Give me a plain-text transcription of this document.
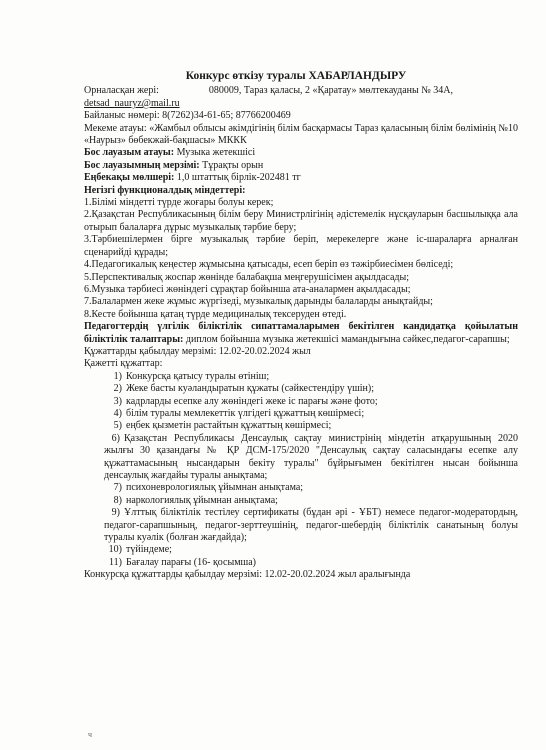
Конкурс өткізу туралы ХАБАРЛАНДЫРУ

Орналасқан жері:	080009, Тараз қаласы, 2 «Қаратау» мөлтекауданы № 34А,

detsad_nauryz@mail.ru

Байланыс нөмері: 8(7262)34-61-65; 87766200469

Мекеме атауы: «Жамбыл облысы әкімдігінің білім басқармасы Тараз қаласының білім бөлімінің №10 «Наурыз» бөбекжай-бақшасы» МККК

Бос лауазым атауы: Музыка жетекшісі

Бос лауазымның мерзімі: Тұрақты орын

Еңбекақы мөлшері: 1,0 штаттық бірлік-202481 тг

Негізгі функционалдық міндеттері:

1.Білімі міндетті түрде жоғары болуы керек;

2.Қазақстан Республикасының білім беру Министрлігінің әдістемелік нұсқауларын басшылыққа ала отырып балаларға дұрыс музыкалық тәрбие беру;

3.Тәрбиешілермен бірге музыкалық тәрбие беріп, мерекелерге және іс-шараларға арналған сценарийді құрады;

4.Педагогикалық кеңестер жұмысына қатысады, есеп беріп өз тәжірбиесімен бөліседі;

5.Перспективалық жоспар жөнінде балабақша меңгерушісімен ақылдасады;

6.Музыка тәрбиесі жөніндегі сұрақтар бойынша ата-аналармен ақылдасады;

7.Балалармен жеке жұмыс жүргізеді, музыкалық дарынды балаларды анықтайды;

8.Кесте бойынша қатаң түрде медициналық тексеруден өтеді.

Педагогтердің үлгілік біліктілік сипаттамаларымен бекітілген кандидатқа қойылатын біліктілік талаптары: диплом бойынша музыка жетекшісі мамандығына сәйкес,педагог-сарапшы;

Құжаттарды қабылдау мерзімі: 12.02-20.02.2024 жыл

Қажетті құжаттар:

1) Конкурсқа қатысу туралы өтініш;

2) Жеке басты куәландыратын құжаты (сәйкестендіру үшін);

3) кадрларды есепке алу жөніндегі жеке іс парағы және фото;

4) білім туралы мемлекеттік үлгідегі құжаттың көшірмесі;

5) еңбек қызметін растайтын құжаттың көшірмесі;

6) Қазақстан Республикасы Денсаулық сақтау министрінің міндетін атқарушының 2020 жылғы 30 қазандағы № ҚР ДСМ-175/2020 "Денсаулық сақтау саласындағы есепке алу құжаттамасының нысандарын бекіту туралы" бұйрығымен бекітілген нысан бойынша денсаулық жағдайы туралы анықтама;

7) психоневрологиялық ұйымнан анықтама;

8) наркологиялық ұйымнан анықтама;

9) Ұлттық біліктілік тестілеу сертификаты (бұдан әрі - ҰБТ) немесе педагог-модератордың, педагог-сарапшының, педагог-зерттеушінің, педагог-шебердің біліктілік санатының болуы туралы куәлік (болған жағдайда);

10) түйіндеме;

11) Бағалау парағы (16- қосымша)

Конкурсқа құжаттарды қабылдау мерзімі: 12.02-20.02.2024 жыл аралығында

ч
